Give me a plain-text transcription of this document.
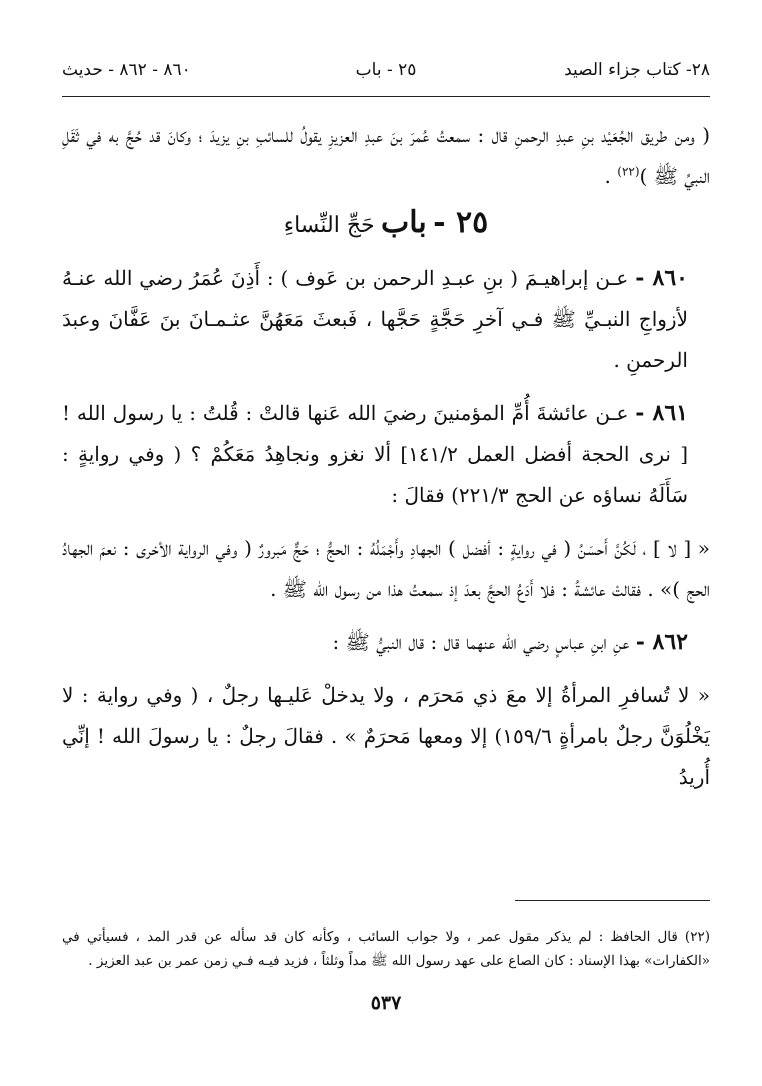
٢٨- كتاب جزاء الصيد
٢٥ - باب
٨٦٠ - ٨٦٢ - حديث

( ومن طريق الجُعَيْد بنِ عبدِ الرحمنِ قال : سمعتُ عُمرَ بنَ عبدِ العزيزِ يقولُ للسائبِ بنِ يزيدَ ؛ وكانَ قد حُجَّ به في ثَقَلِ النبيِّ ﷺ )$^{(٢٢)}$ .

٢٥ - باب حَجِّ النِّساءِ

٨٦٠ - عـن إبراهيـمَ ( بنِ عبـدِ الرحمن بن عَوف ) : أَذِنَ عُمَرُ رضي الله عنـهُ لأزواجِ النبـيِّ ﷺ فـي آخرِ حَجَّةٍ حَجَّها ، فَبعثَ مَعَهُنَّ عثـمـانَ بنَ عَفَّانَ وعبدَ الرحمنِ .

٨٦١ - عـن عائشةَ أُمِّ المؤمنينَ رضيَ الله عَنها قالتْ : قُلتُ : يا رسول الله ! [ نرى الحجة أفضل العمل ١٤١/٢] ألا نغزو ونجاهِدُ مَعَكُمْ ؟ ( وفي روايةٍ : سَأَلَهُ نساؤه عن الحج ٢٢١/٣) فقالَ :

« [ لا ] ، لَكُنَّ أَحسَنُ ( في روايةٍ : أفضل ) الجهادِ وأَجْمَلُهُ : الحجُّ ؛ حَجٌّ مَبرورٌ ( وفي الرواية الأخرى : نعمَ الجهادُ الحج )» . فقالتْ عائشةُ : فلا أَدَعُ الحجَّ بعدَ إذ سمعتُ هذا من رسول الله ﷺ .

٨٦٢ - عنِ ابنِ عباسٍ رضي الله عنهما قال : قال النبيُّ ﷺ :

« لا تُسافرِ المرأةُ إلا معَ ذي مَحرَم ، ولا يدخلْ عَليـها رجلٌ ، ( وفي رواية : لا يَخْلُوَنَّ رجلٌ بامرأةٍ ١٥٩/٦) إلا ومعها مَحرَمٌ » . فقالَ رجلٌ : يا رسولَ الله ! إنِّي أُريدُ

(٢٢) قال الحافظ : لم يذكر مقول عمر ، ولا جواب السائب ، وكأنه كان قد سأله عن قدر المد ، فسيأتي في «الكفارات» بهذا الإسناد : كان الصاع على عهد رسول الله ﷺ مداً وثلثاً ، فزيد فيـه فـي زمن عمر بن عبد العزيز .
٥٣٧
